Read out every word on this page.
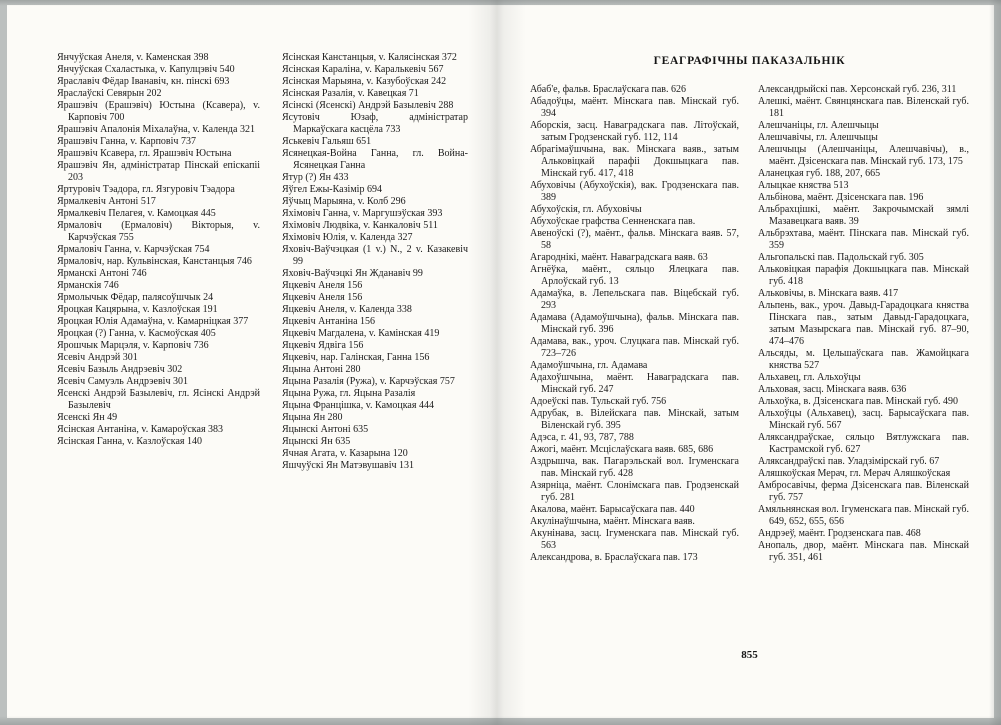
Янчуўская Анеля, v. Каменская 398

Янчуўская Схаластыка, v. Капулцэвіч 540

Яраславіч Фёдар Іванавіч, кн. пінскі 693

Яраслаўскі Севярын 202

Ярашэвіч (Ерашэвіч) Юстына (Ксавера), v. Карповіч 700

Ярашэвіч Апалонія Міхалаўна, v. Календа 321

Ярашэвіч Ганна, v. Карповіч 737

Ярашэвіч Ксавера, гл. Ярашэвіч Юстына

Ярашэвіч Ян, адміністратар Пінскай епіскапіі 203

Яртуровіч Тэадора, гл. Язгуровіч Тэадора

Ярмалкевіч Антоні 517

Ярмалкевіч Пелагея, v. Камоцкая 445

Ярмаловіч (Ермаловіч) Вікторыя, v. Карчэўская 755

Ярмаловіч Ганна, v. Карчэўская 754

Ярмаловіч, нар. Кульвінская, Канстанцыя 746

Ярманскі Антоні 746

Ярманскія 746

Ярмолычык Фёдар, палясоўшчык 24

Яроцкая Кацярына, v. Казлоўская 191

Яроцкая Юлія Адамаўна, v. Камарніцкая 377

Яроцкая (?) Ганна, v. Касмоўская 405

Ярошчык Марцэля, v. Карповіч 736

Ясевіч Андрэй 301

Ясевіч Базыль Андрэевіч 302

Ясевіч Самуэль Андрэевіч 301

Ясенскі Андрэй Базылевіч, гл. Ясінскі Андрэй Базылевіч

Ясенскі Ян 49

Ясінская Антаніна, v. Камароўская 383

Ясінская Ганна, v. Казлоўская 140

Ясінская Канстанцыя, v. Калясінская 372

Ясінская Караліна, v. Каралькевіч 567

Ясінская Марыяна, v. Казубоўская 242

Ясінская Разалія, v. Кавецкая 71

Ясінскі (Ясенскі) Андрэй Базылевіч 288

Ясутовіч Юзаф, адміністратар Маркаўскага касцёла 733

Яськевіч Гальяш 651

Ясянецкая-Война Ганна, гл. Война-Ясянецкая Ганна

Ятур (?) Ян 433

Яўгел Ежы-Казімір 694

Яўчыц Марыяна, v. Колб 296

Яхімовіч Ганна, v. Маргушэўская 393

Яхімовіч Людвіка, v. Канкаловіч 511

Яхімовіч Юлія, v. Календа 327

Яховіч-Ваўчэцкая (1 v.) N., 2 v. Казакевіч 99

Яховіч-Ваўчэцкі Ян Жданавіч 99

Яцкевіч Анеля 156

Яцкевіч Анеля 156

Яцкевіч Анеля, v. Календа 338

Яцкевіч Антаніна 156

Яцкевіч Магдалена, v. Камінская 419

Яцкевіч Ядвіга 156

Яцкевіч, нар. Галінская, Ганна 156

Яцына Антоні 280

Яцына Разалія (Ружа), v. Карчэўская 757

Яцына Ружа, гл. Яцына Разалія

Яцына Францішка, v. Камоцкая 444

Яцына Ян 280

Яцынскі Антоні 635

Яцынскі Ян 635

Ячная Агата, v. Казарына 120

Яшчуўскі Ян Матэвушавіч 131

ГЕАГРАФІЧНЫ ПАКАЗАЛЬНІК

Абаб'е, фальв. Браслаўскага пав. 626

Абадоўцы, маёнт. Мінскага пав. Мінскай губ. 394

Аборскія, засц. Наваградскага пав. Літоўскай, затым Гродзенскай губ. 112, 114

Абрагімаўшчына, вак. Мінскага ваяв., затым Альковіцкай парафіі Докшыцкага пав. Мінскай губ. 417, 418

Абуховічы (Абухоўскія), вак. Гродзенскага пав. 389

Абухоўскія, гл. Абуховічы

Абухоўскае графства Сенненскага пав.

Авеноўскі (?), маёнт., фальв. Мінскага ваяв. 57, 58

Агароднікі, маёнт. Наваградскага ваяв. 63

Агнёўка, маёнт., сяльцо Ялецкага пав. Арлоўскай губ. 13

Адамаўка, в. Лепельскага пав. Віцебскай губ. 293

Адамава (Адамоўшчына), фальв. Мінскага пав. Мінскай губ. 396

Адамава, вак., уроч. Слуцкага пав. Мінскай губ. 723–726

Адамоўшчына, гл. Адамава

Адахоўшчына, маёнт. Наваградскага пав. Мінскай губ. 247

Адоеўскі пав. Тульскай губ. 756

Адрубак, в. Вілейскага пав. Мінскай, затым Віленскай губ. 395

Адэса, г. 41, 93, 787, 788

Ажогі, маёнт. Мсціслаўскага ваяв. 685, 686

Аздрышча, вак. Пагарэльскай вол. Ігуменскага пав. Мінскай губ. 428

Азярніца, маёнт. Слонімскага пав. Гродзенскай губ. 281

Акалова, маёнт. Барысаўскага пав. 440

Акулінаўшчына, маёнт. Мінскага ваяв.

Акунінава, засц. Ігуменскага пав. Мінскай губ. 563

Александрова, в. Браслаўскага пав. 173

Александрыйскі пав. Херсонскай губ. 236, 311

Алешкі, маёнт. Свянцянскага пав. Віленскай губ. 181

Алешчаніцы, гл. Алешчыцы

Алешчавічы, гл. Алешчыцы

Алешчыцы (Алешчаніцы, Алешчавічы), в., маёнт. Дзісенскага пав. Мінскай губ. 173, 175

Аланецкая губ. 188, 207, 665

Алыцкае княства 513

Альбінова, маёнт. Дзісенскага пав. 196

Альбрахцішкі, маёнт. Закрочымскай зямлі Мазавецкага ваяв. 39

Альбрэхтава, маёнт. Пінскага пав. Мінскай губ. 359

Альгопальскі пав. Падольскай губ. 305

Альковіцкая парафія Докшыцкага пав. Мінскай губ. 418

Альковічы, в. Мінскага ваяв. 417

Альпень, вак., уроч. Давыд-Гарадоцкага княства Пінскага пав., затым Давыд-Гарадоцкага, затым Мазырскага пав. Мінскай губ. 87–90, 474–476

Альсяды, м. Цельшаўскага пав. Жамойцкага княства 527

Альхавец, гл. Альхоўцы

Альховая, засц. Мінскага ваяв. 636

Альхоўка, в. Дзісенскага пав. Мінскай губ. 490

Альхоўцы (Альхавец), засц. Барысаўскага пав. Мінскай губ. 567

Аляксандраўскае, сяльцо Вятлужскага пав. Кастрамской губ. 627

Аляксандраўскі пав. Уладзімірскай губ. 67

Аляшкоўская Мерач, гл. Мерач Аляшкоўская

Амбросавічы, ферма Дзісенскага пав. Віленскай губ. 757

Амяльнянская вол. Ігуменскага пав. Мінскай губ. 649, 652, 655, 656

Андрэеў, маёнт. Гродзенскага пав. 468

Анопаль, двор, маёнт. Мінскага пав. Мінскай губ. 351, 461

855
